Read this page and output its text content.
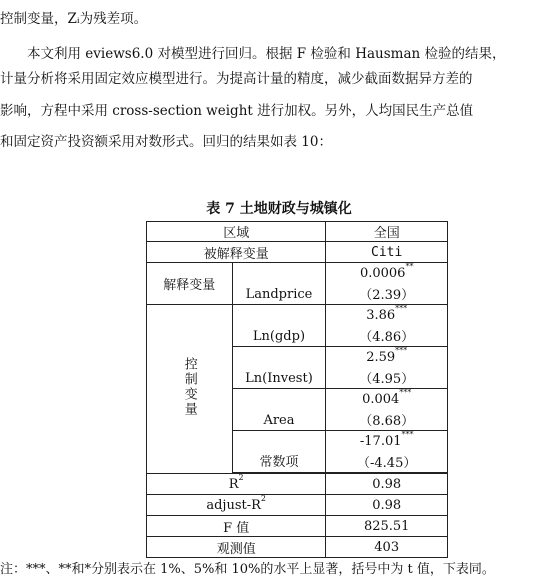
控制变量，Zᵢ为残差项。
　　本文利用 eviews6.0 对模型进行回归。根据 F 检验和 Hausman 检验的结果，
计量分析将采用固定效应模型进行。为提高计量的精度，减少截面数据异方差的
影响，方程中采用 cross-section weight 进行加权。另外，人均国民生产总值
和固定资产投资额采用对数形式。回归的结果如表 10：
表 7 土地财政与城镇化
区域		全国
被解释变量		Citi
解释变量	Landprice	0.0006**
		（2.39）
控制变量	Ln(gdp)	3.86***
		（4.86）
	Ln(Invest)	2.59***
		（4.95）
	Area	0.004***
		（8.68）
	常数项	-17.01***
		（-4.45）

$R^2$		0.98
adjust-$R^2$		0.98
F 值		825.51
观测值		403
注：***、**和*分别表示在 1%、5%和 10%的水平上显著，括号中为 t 值，下表同。
